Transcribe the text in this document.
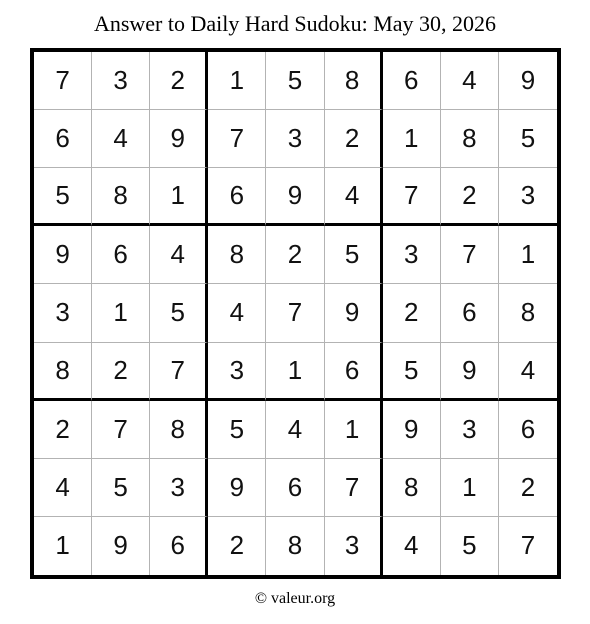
Answer to Daily Hard Sudoku: May 30, 2026
7	3	2	1	5	8	6	4	9
6	4	9	7	3	2	1	8	5
5	8	1	6	9	4	7	2	3
9	6	4	8	2	5	3	7	1
3	1	5	4	7	9	2	6	8
8	2	7	3	1	6	5	9	4
2	7	8	5	4	1	9	3	6
4	5	3	9	6	7	8	1	2
1	9	6	2	8	3	4	5	7
© valeur.org
